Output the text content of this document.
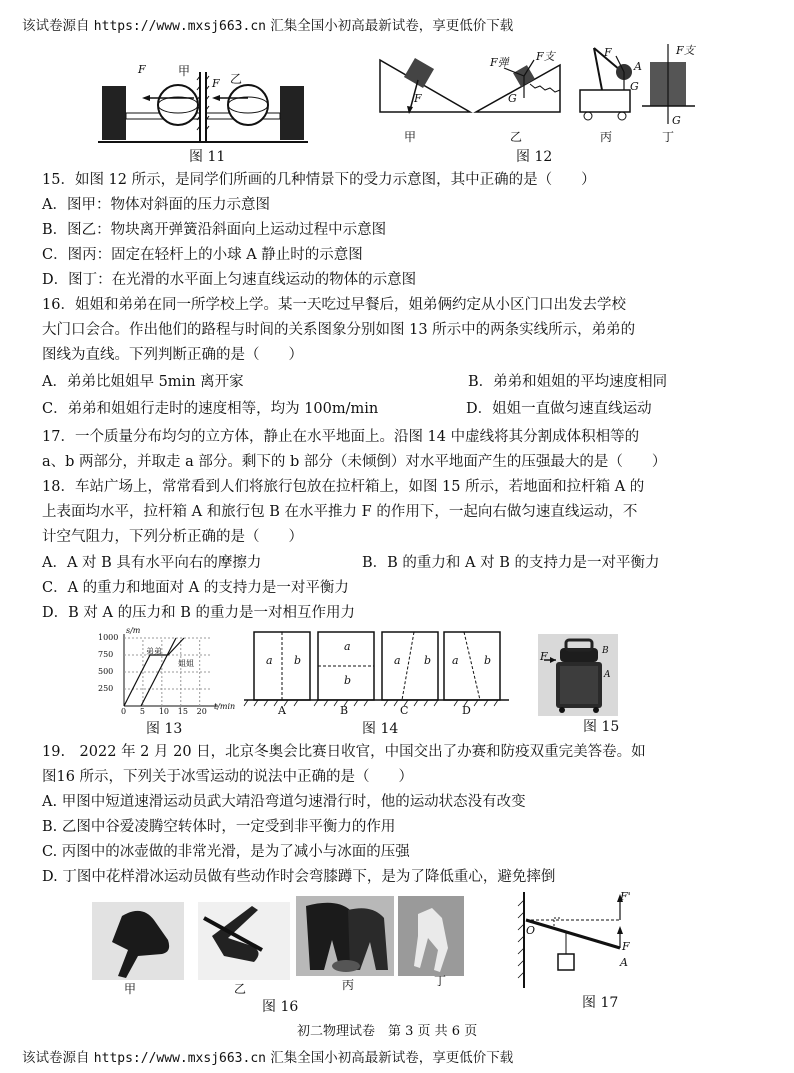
该试卷源自 https://www.mxsj663.cn 汇集全国小初高最新试卷，享更低价下载
F	甲
F 乙
图 11
F
F弹 F支
G
F
A
G
F支
G
甲	乙	丙	丁
图 12
15．如图 12 所示，是同学们所画的几种情景下的受力示意图，其中正确的是（　　）
A．图甲：物体对斜面的压力示意图
B．图乙：物块离开弹簧沿斜面向上运动过程中示意图
C．图丙：固定在轻杆上的小球 A 静止时的示意图
D．图丁：在光滑的水平面上匀速直线运动的物体的示意图
16．姐姐和弟弟在同一所学校上学。某一天吃过早餐后，姐弟俩约定从小区门口出发去学校
大门口会合。作出他们的路程与时间的关系图象分别如图 13 所示中的两条实线所示，弟弟的
图线为直线。下列判断正确的是（　　）
A．弟弟比姐姐早 5min 离开家	B．弟弟和姐姐的平均速度相同
C．弟弟和姐姐行走时的速度相等，均为 100m/min	D．姐姐一直做匀速直线运动
17．一个质量分布均匀的立方体，静止在水平地面上。沿图 14 中虚线将其分割成体积相等的
a、b 两部分，并取走 a 部分。剩下的 b 部分（未倾倒）对水平地面产生的压强最大的是（　　）
18．车站广场上，常常看到人们将旅行包放在拉杆箱上，如图 15 所示，若地面和拉杆箱 A 的
上表面均水平，拉杆箱 A 和旅行包 B 在水平推力 F 的作用下，一起向右做匀速直线运动，不
计空气阻力，下列分析正确的是（　　）
A．A 对 B 具有水平向右的摩擦力	B．B 的重力和 A 对 B 的支持力是一对平衡力
C．A 的重力和地面对 A 的支持力是一对平衡力
D．B 对 A 的压力和 B 的重力是一对相互作用力
1000
750
500
250
0 5 10 15 20
s/m
t/min
弟弟
姐姐
图 13
a b
a
b
a b a b
A	B	C	D
图 14
F	B
A
图 15
19.　2022 年 2 月 20 日，北京冬奥会比赛日收官，中国交出了办赛和防疫双重完美答卷。如
图16 所示，下列关于冰雪运动的说法中正确的是（　　）
A. 甲图中短道速滑运动员武大靖沿弯道匀速滑行时，他的运动状态没有改变
B. 乙图中谷爱凌腾空转体时，一定受到非平衡力的作用
C. 丙图中的冰壶做的非常光滑，是为了减小与冰面的压强
D. 丁图中花样滑冰运动员做有些动作时会弯膝蹲下，是为了降低重心，避免摔倒
甲	乙	丙	丁
图 16
F'
F
O
A
图 17
初二物理试卷　第 3 页 共 6 页
该试卷源自 https://www.mxsj663.cn 汇集全国小初高最新试卷，享更低价下载
